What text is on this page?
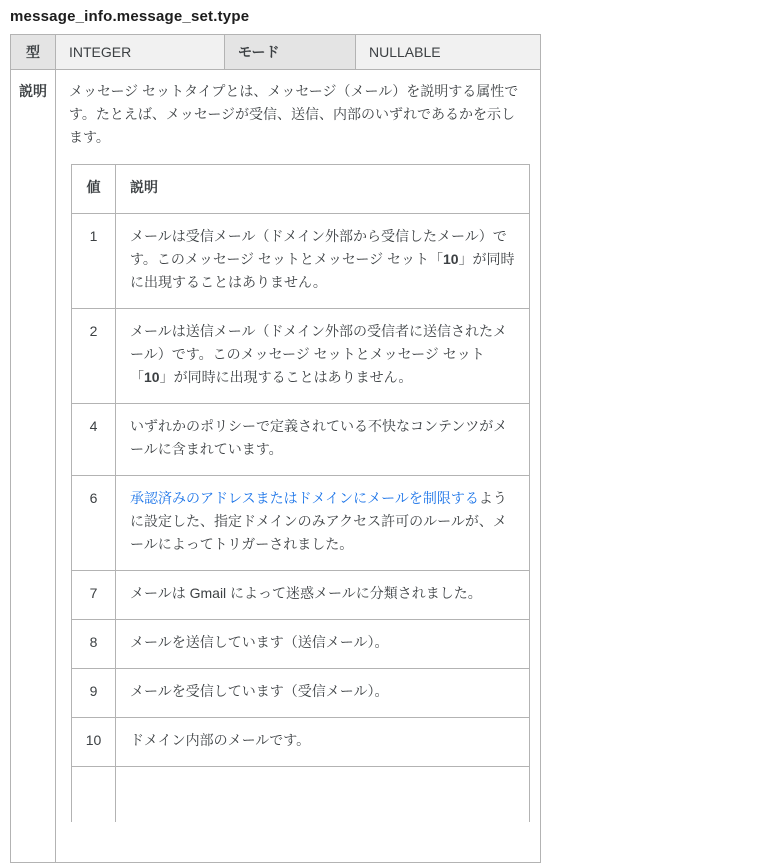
message_info.message_set.type
型	INTEGER	モード	NULLABLE
説明	メッセージ セットタイプとは、メッセージ（メール）を説明する属性です。たとえば、メッセージが受信、送信、内部のいずれであるかを示します。

値	説明
1	メールは受信メール（ドメイン外部から受信したメール）です。このメッセージ セットとメッセージ セット「10」が同時に出現することはありません。
2	メールは送信メール（ドメイン外部の受信者に送信されたメール）です。このメッセージ セットとメッセージ セット「10」が同時に出現することはありません。
4	いずれかのポリシーで定義されている不快なコンテンツがメールに含まれています。
6	承認済みのアドレスまたはドメインにメールを制限するように設定した、指定ドメインのみアクセス許可のルールが、メールによってトリガーされました。
7	メールは Gmail によって迷惑メールに分類されました。
8	メールを送信しています（送信メール）。
9	メールを受信しています（受信メール）。
10	ドメイン内部のメールです。
